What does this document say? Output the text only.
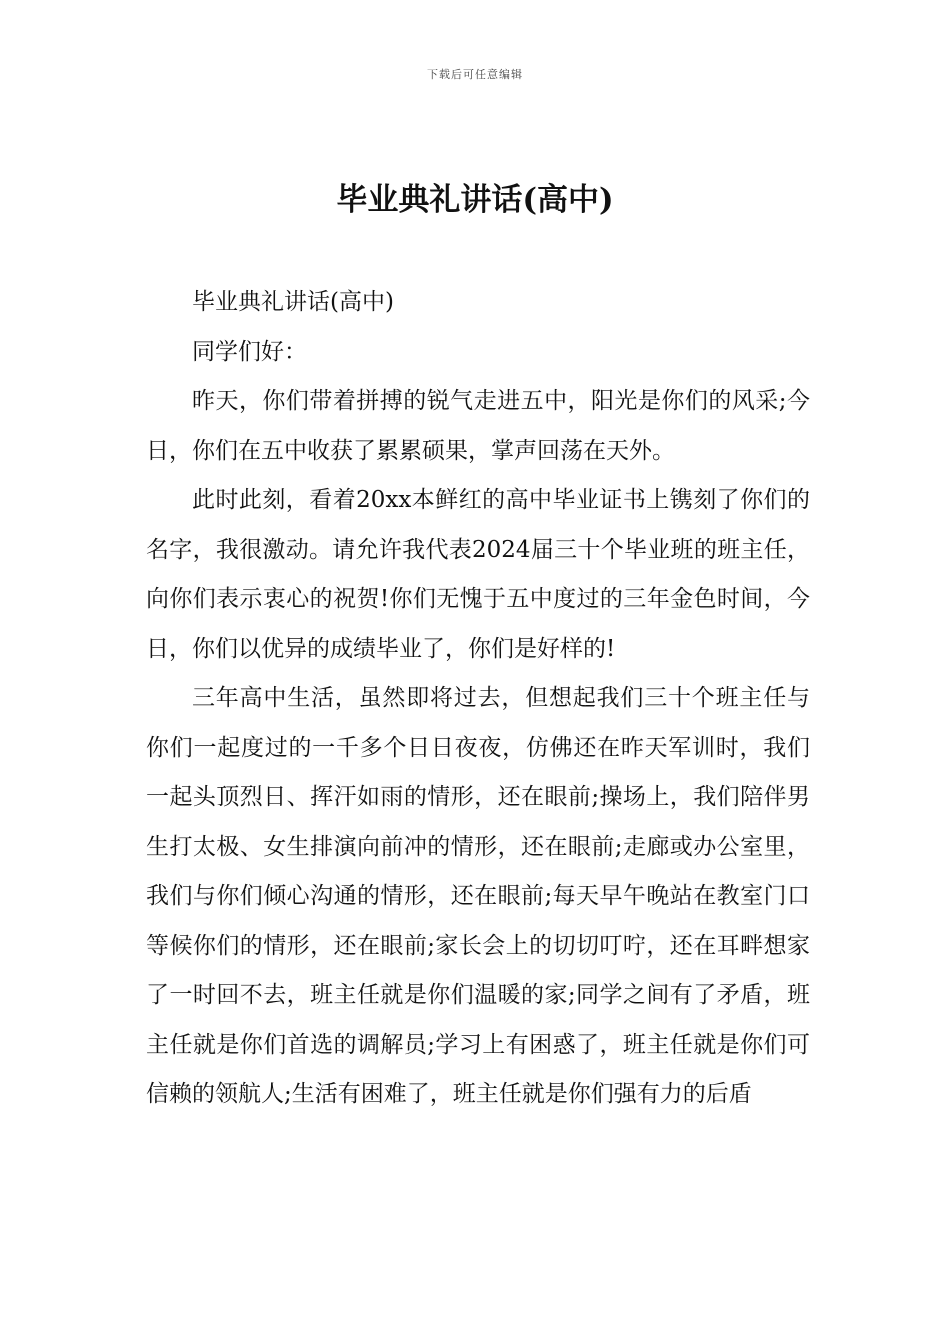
下载后可任意编辑
毕业典礼讲话(高中)

毕业典礼讲话(高中)

同学们好：

昨天，你们带着拼搏的锐气走进五中，阳光是你们的风采;今日，你们在五中收获了累累硕果，掌声回荡在天外。

此时此刻，看着20xx本鲜红的高中毕业证书上镌刻了你们的名字，我很激动。请允许我代表2024届三十个毕业班的班主任，向你们表示衷心的祝贺!你们无愧于五中度过的三年金色时间，今日，你们以优异的成绩毕业了，你们是好样的!

三年高中生活，虽然即将过去，但想起我们三十个班主任与你们一起度过的一千多个日日夜夜，仿佛还在昨天军训时，我们一起头顶烈日、挥汗如雨的情形，还在眼前;操场上，我们陪伴男生打太极、女生排演向前冲的情形，还在眼前;走廊或办公室里，我们与你们倾心沟通的情形，还在眼前;每天早午晚站在教室门口等候你们的情形，还在眼前;家长会上的切切叮咛，还在耳畔想家了一时回不去，班主任就是你们温暖的家;同学之间有了矛盾，班主任就是你们首选的调解员;学习上有困惑了，班主任就是你们可信赖的领航人;生活有困难了，班主任就是你们强有力的后盾
